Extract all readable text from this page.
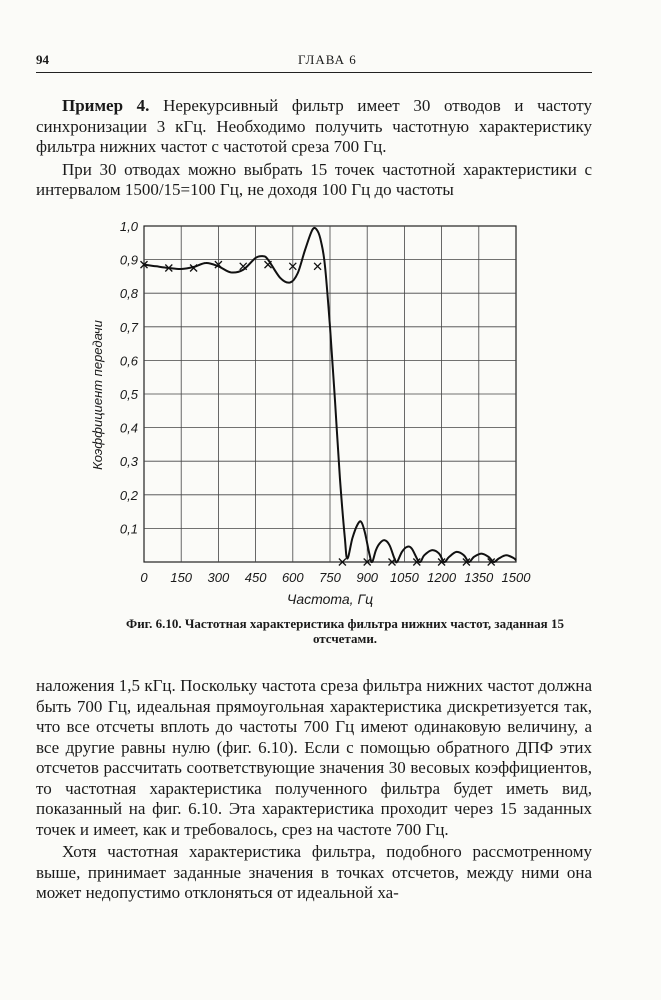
94	ГЛАВА 6
Пример 4. Нерекурсивный фильтр имеет 30 отводов и частоту синхронизации 3 кГц. Необходимо получить частотную характеристику фильтра нижних частот с частотой среза 700 Гц.
При 30 отводах можно выбрать 15 точек частотной характеристики с интервалом 1500/15=100 Гц, не доходя 100 Гц до частоты
0 150 300 450 600 750 900 1050 1200 1350 1500
0,1
0,2
0,3
0,4
0,5
0,6
0,7
0,8
0,9
1,0
Коэффициент передачи
Частота, Гц
Фиг. 6.10. Частотная характеристика фильтра нижних частот, заданная 15 отсчетами.
наложения 1,5 кГц. Поскольку частота среза фильтра нижних частот должна быть 700 Гц, идеальная прямоугольная характеристика дискретизуется так, что все отсчеты вплоть до частоты 700 Гц имеют одинаковую величину, а все другие равны нулю (фиг. 6.10). Если с помощью обратного ДПФ этих отсчетов рассчитать соответствующие значения 30 весовых коэффициентов, то частотная характеристика полученного фильтра будет иметь вид, показанный на фиг. 6.10. Эта характеристика проходит через 15 заданных точек и имеет, как и требовалось, срез на частоте 700 Гц.
Хотя частотная характеристика фильтра, подобного рассмотренному выше, принимает заданные значения в точках отсчетов, между ними она может недопустимо отклоняться от идеальной ха-
